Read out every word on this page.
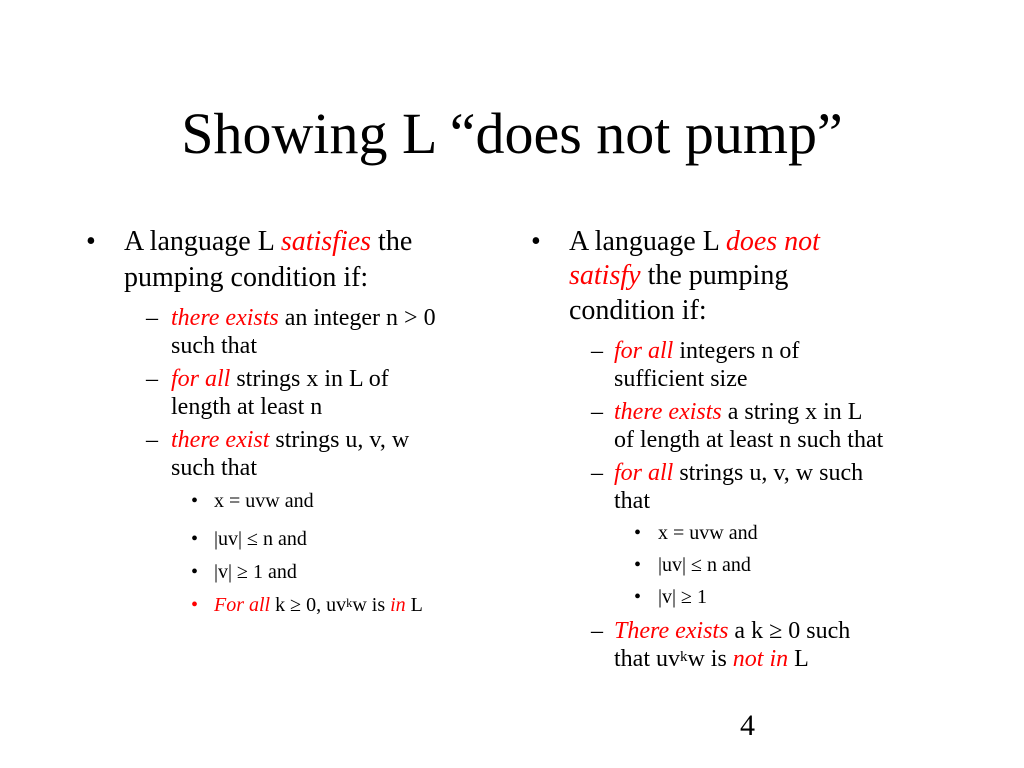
Showing L “does not pump”
• A language L satisfies the
pumping condition if:
– there exists an integer n > 0
such that
– for all strings x in L of
length at least n
– there exist strings u, v, w
such that
• x = uvw and
• |uv| ≤ n and
• |v| ≥ 1 and
• For all k ≥ 0, $uv^kw$ is in L
• A language L does not
satisfy the pumping
condition if:
– for all integers n of
sufficient size
– there exists a string x in L
of length at least n such that
– for all strings u, v, w such
that
• x = uvw and
• |uv| ≤ n and
• |v| ≥ 1
– There exists a k ≥ 0 such
that $uv^kw$ is not in L
4
